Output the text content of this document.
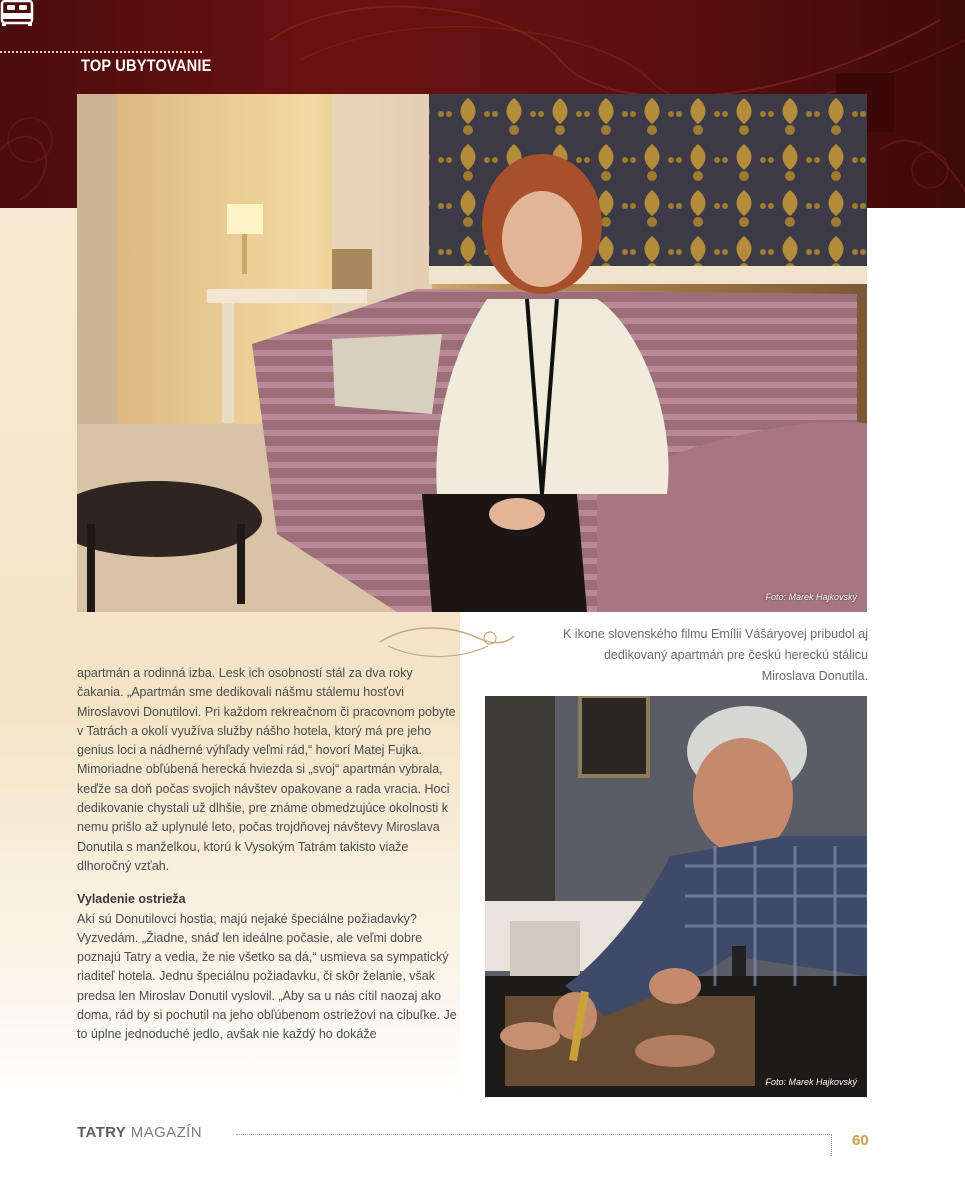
TOP UBYTOVANIE
Foto: Marek Hajkovský
K ikone slovenského filmu Emílii Vášáryovej pribudol aj
dedikovaný apartmán pre českú hereckú stálicu
Miroslava Donutila.

apartmán a rodinná izba. Lesk ich osobností stál za dva roky čakania. „Apartmán sme dedikovali nášmu stálemu hosťovi Miroslavovi Donutilovi. Pri každom rekreačnom či pracovnom pobyte v Tatrách a okolí využíva služby nášho hotela, ktorý má pre jeho genius loci a nádherné výhľady veľmi rád,“ hovorí Matej Fujka. Mimoriadne obľúbená herecká hviezda si „svoj“ apartmán vybrala, keďže sa doň počas svojich návštev opakovane a rada vracia. Hoci dedikovanie chystali už dlhšie, pre známe obmedzujúce okolnosti k nemu prišlo až uplynulé leto, počas trojdňovej návštevy Miroslava Donutila s manželkou, ktorú k Vysokým Tatrám takisto viaže dlhoročný vzťah.

Vyladenie ostrieža

Akí sú Donutilovci hostia, majú nejaké špeciálne požiadavky? Vyzvedám. „Žiadne, snáď len ideálne počasie, ale veľmi dobre poznajú Tatry a vedia, že nie všetko sa dá,“ usmieva sa sympatický riaditeľ hotela. Jednu špeciálnu požiadavku, či skôr želanie, však predsa len Miroslav Donutil vyslovil. „Aby sa u nás cítil naozaj ako doma, rád by si pochutil na jeho obľúbenom ostriežovi na cibuľke. Je to úplne jednoduché jedlo, avšak nie každý ho dokáže

Foto: Marek Hajkovský
TATRY MAGAZÍN	60
